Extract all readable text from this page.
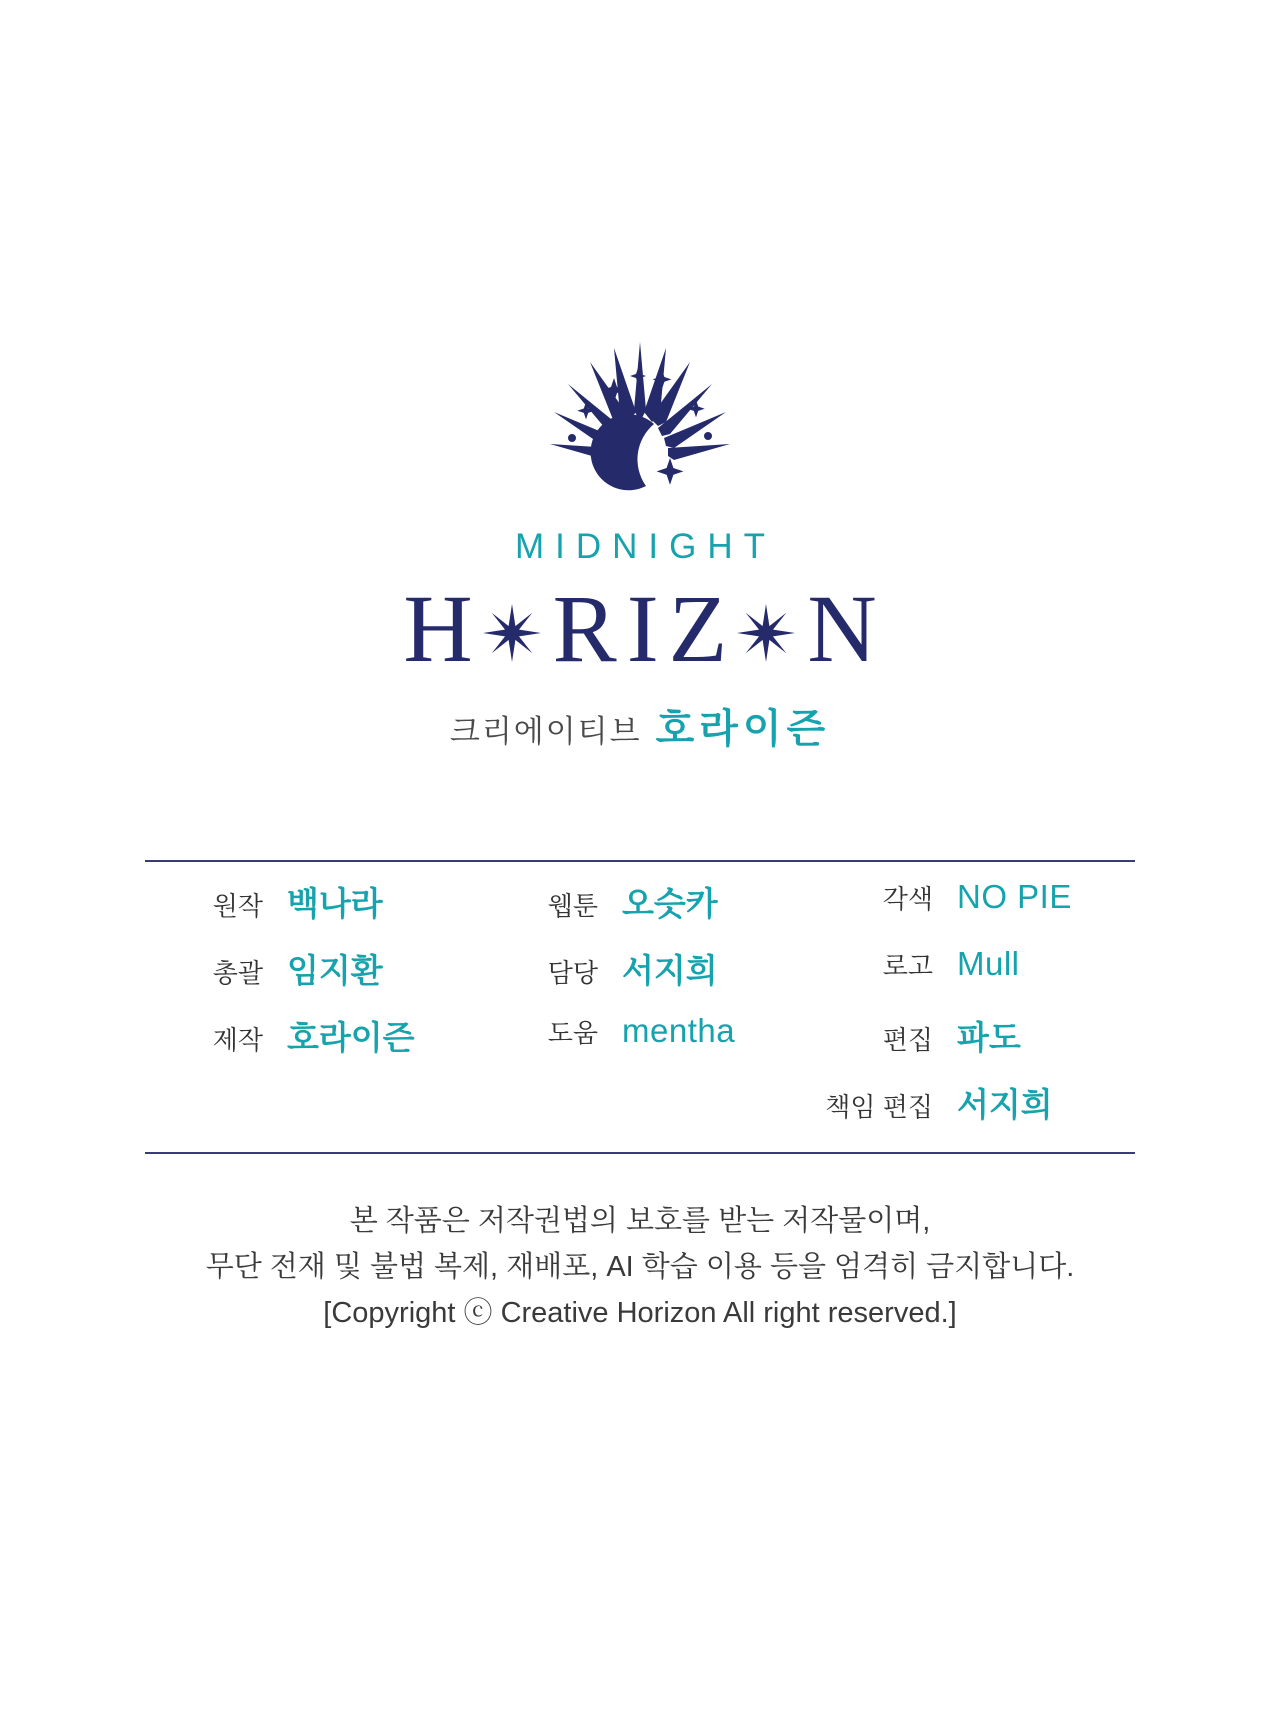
MIDNIGHT
H RIZ N
크리에이티브 호라이즌
원작 백나라
총괄 임지환
제작 호라이즌
웹툰 오슷카
담당 서지희
도움 mentha
각색 NO PIE
로고 Mull
편집 파도
책임 편집 서지희
본 작품은 저작권법의 보호를 받는 저작물이며,
무단 전재 및 불법 복제, 재배포, AI 학습 이용 등을 엄격히 금지합니다.
[Copyright ⓒ Creative Horizon All right reserved.]
